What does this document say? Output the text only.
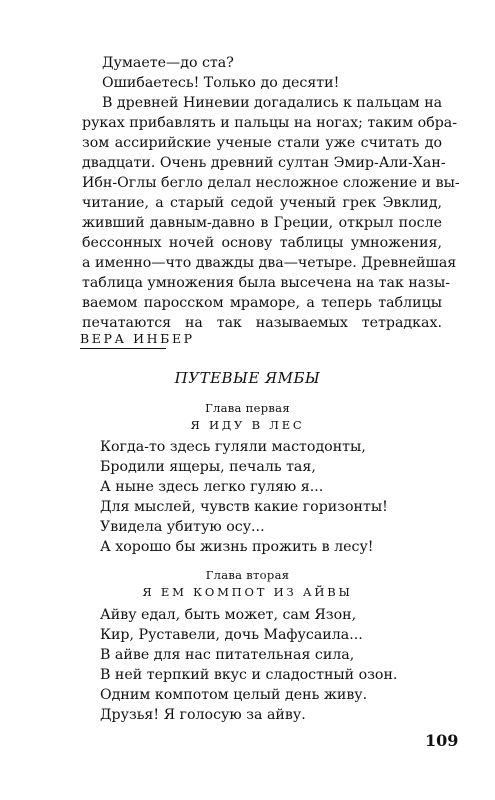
Думаете—до ста?
Ошибаетесь! Только до десяти!
В древней Ниневии догадались к пальцам на
руках прибавлять и пальцы на ногах; таким обра-
зом ассирийские ученые стали уже считать до
двадцати. Очень древний султан Эмир-Али-Хан-
Ибн-Оглы бегло делал несложное сложение и вы-
читание, а старый седой ученый грек Эвклид,
живший давным-давно в Греции, открыл после
бессонных ночей основу таблицы умножения,
а именно—что дважды два—четыре. Древнейшая
таблица умножения была высечена на так назы-
ваемом паросском мраморе, а теперь таблицы
печатаются на так называемых тетрадках.
ВЕРА ИНБЕР
ПУТЕВЫЕ ЯМБЫ
Глава первая
Я ИДУ В ЛЕС
Когда-то здесь гуляли мастодонты,
Бродили ящеры, печаль тая,
А ныне здесь легко гуляю я...
Для мыслей, чувств какие горизонты!
Увидела убитую осу...
А хорошо бы жизнь прожить в лесу!
Глава вторая
Я ЕМ КОМПОТ ИЗ АЙВЫ
Айву едал, быть может, сам Язон,
Кир, Руставели, дочь Мафусаила...
В айве для нас питательная сила,
В ней терпкий вкус и сладостный озон.
Одним компотом целый день живу.
Друзья! Я голосую за айву.
109
